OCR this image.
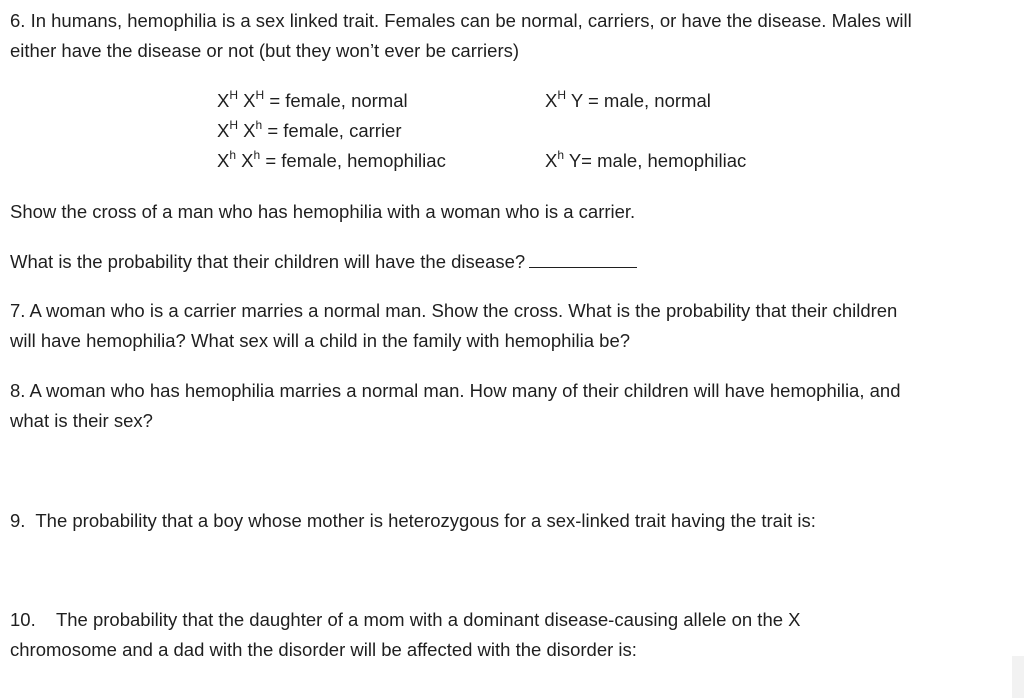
6. In humans, hemophilia is a sex linked trait. Females can be normal, carriers, or have the disease. Males will
either have the disease or not (but they won’t ever be carriers)
$X^H$ $X^H$ = female, normal
$X^H$ $X^h$ = female, carrier
$X^h$ $X^h$ = female, hemophiliac
$X^H$ Y = male, normal
$X^h$ Y= male, hemophiliac
Show the cross of a man who has hemophilia with a woman who is a carrier.
What is the probability that their children will have the disease?
7. A woman who is a carrier marries a normal man. Show the cross. What is the probability that their children
will have hemophilia? What sex will a child in the family with hemophilia be?
8. A woman who has hemophilia marries a normal man. How many of their children will have hemophilia, and
what is their sex?
9.  The probability that a boy whose mother is heterozygous for a sex-linked trait having the trait is:
10.    The probability that the daughter of a mom with a dominant disease-causing allele on the X
chromosome and a dad with the disorder will be affected with the disorder is:
